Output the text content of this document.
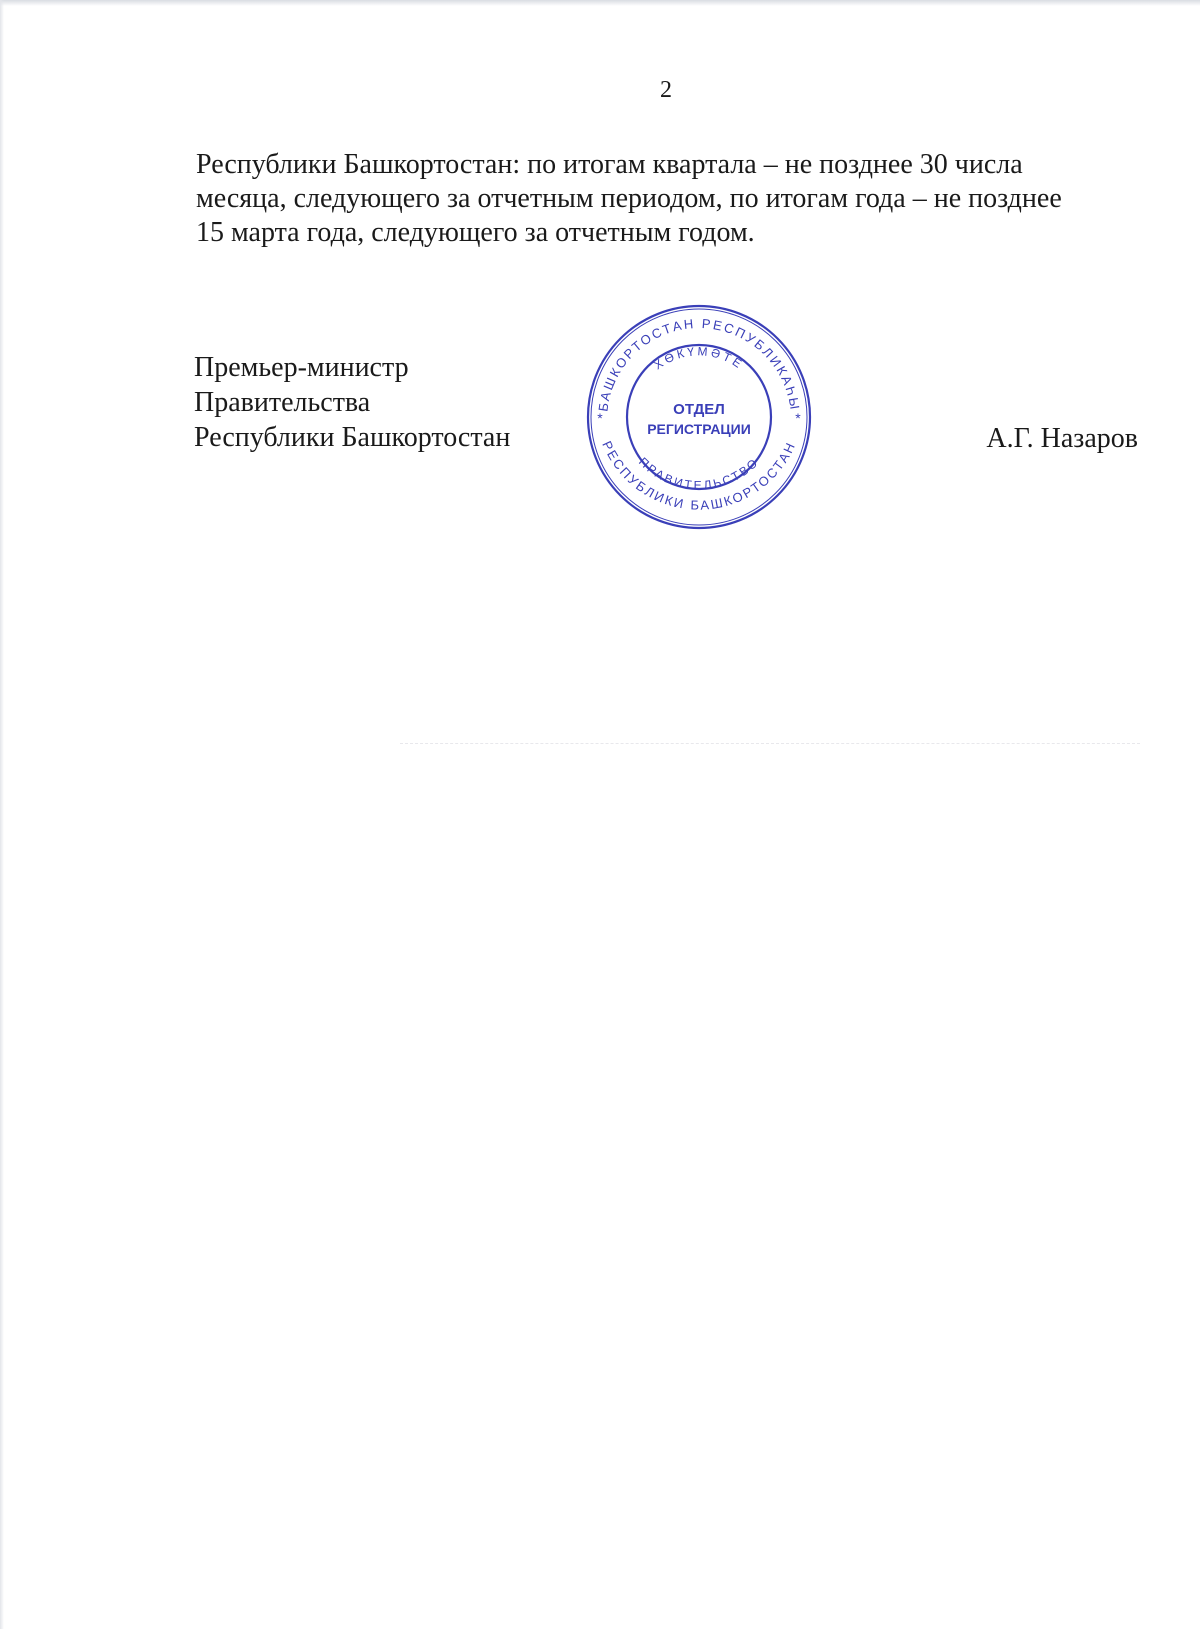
2

Республики Башкортостан: по итогам квартала – не позднее 30 числа

месяца, следующего за отчетным периодом, по итогам года – не позднее

15 марта года, следующего за отчетным годом.

Премьер-министр
Правительства
Республики Башкортостан	А.Г. Назаров
БАШКОРТОСТАН РЕСПУБЛИКАҺЫ
ХӨКҮМӘТЕ
РЕСПУБЛИКИ БАШКОРТОСТАН
ПРАВИТЕЛЬСТВО
ОТДЕЛ
РЕГИСТРАЦИИ
*	*
